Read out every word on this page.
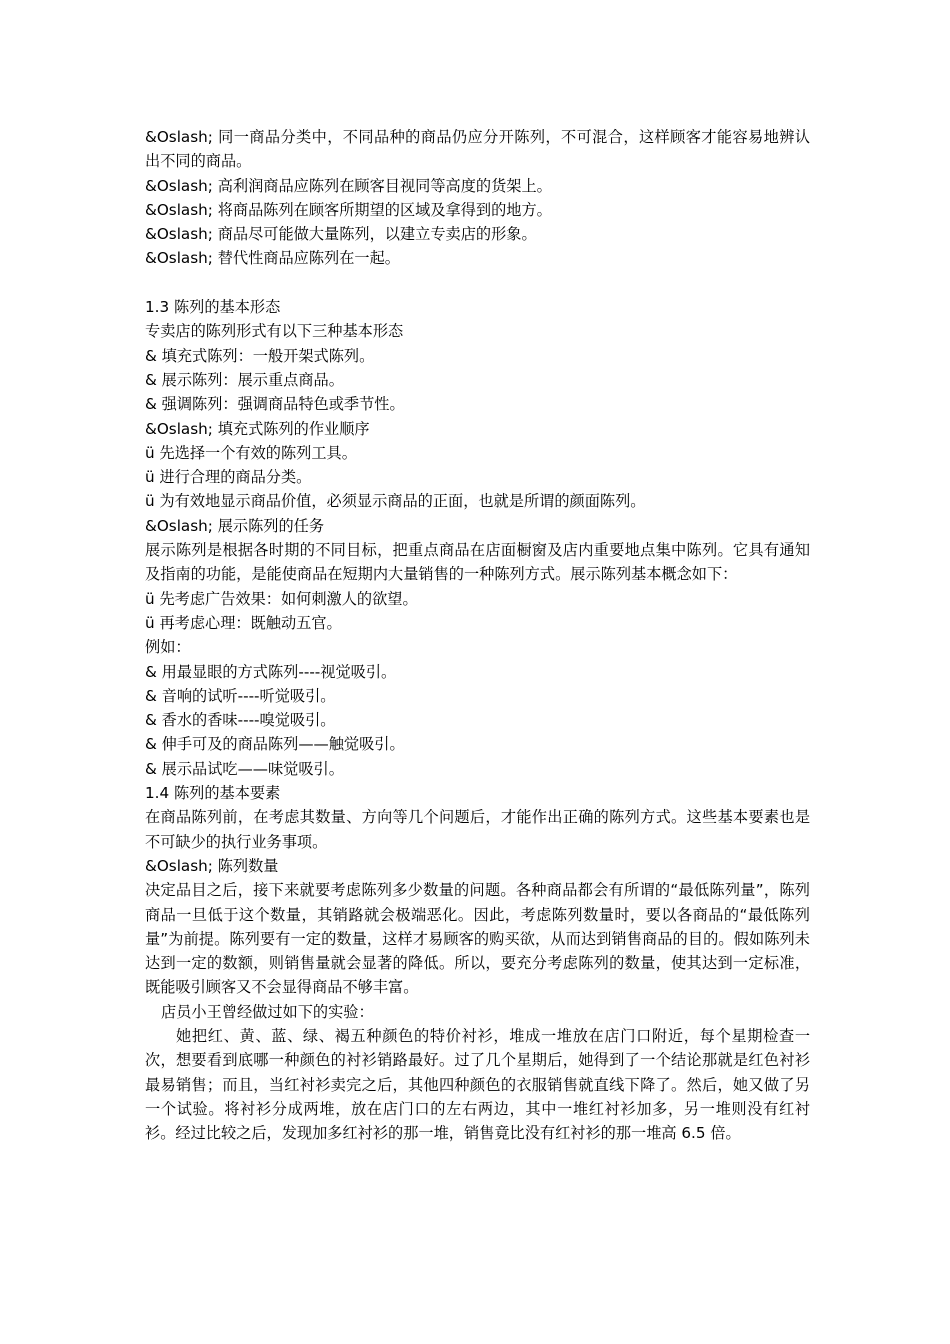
&Oslash; 同一商品分类中，不同品种的商品仍应分开陈列，不可混合，这样顾客才能容易地辨认出不同的商品。
&Oslash; 高利润商品应陈列在顾客目视同等高度的货架上。
&Oslash; 将商品陈列在顾客所期望的区域及拿得到的地方。
&Oslash; 商品尽可能做大量陈列，以建立专卖店的形象。
&Oslash; 替代性商品应陈列在一起。
1.3 陈列的基本形态
专卖店的陈列形式有以下三种基本形态
& 填充式陈列：一般开架式陈列。
& 展示陈列：展示重点商品。
& 强调陈列：强调商品特色或季节性。
&Oslash; 填充式陈列的作业顺序
ü 先选择一个有效的陈列工具。
ü 进行合理的商品分类。
ü 为有效地显示商品价值，必须显示商品的正面，也就是所谓的颜面陈列。
&Oslash; 展示陈列的任务
展示陈列是根据各时期的不同目标，把重点商品在店面橱窗及店内重要地点集中陈列。它具有通知及指南的功能，是能使商品在短期内大量销售的一种陈列方式。展示陈列基本概念如下：
ü 先考虑广告效果：如何刺激人的欲望。
ü 再考虑心理：既触动五官。
例如：
& 用最显眼的方式陈列----视觉吸引。
& 音响的试听----听觉吸引。
& 香水的香味----嗅觉吸引。
& 伸手可及的商品陈列——触觉吸引。
& 展示品试吃——味觉吸引。
1.4 陈列的基本要素
在商品陈列前，在考虑其数量、方向等几个问题后，才能作出正确的陈列方式。这些基本要素也是不可缺少的执行业务事项。
&Oslash; 陈列数量
决定品目之后，接下来就要考虑陈列多少数量的问题。各种商品都会有所谓的“最低陈列量”，陈列商品一旦低于这个数量，其销路就会极端恶化。因此，考虑陈列数量时，要以各商品的“最低陈列量”为前提。陈列要有一定的数量，这样才易顾客的购买欲，从而达到销售商品的目的。假如陈列未达到一定的数额，则销售量就会显著的降低。所以，要充分考虑陈列的数量，使其达到一定标准，既能吸引顾客又不会显得商品不够丰富。
店员小王曾经做过如下的实验：
她把红、黄、蓝、绿、褐五种颜色的特价衬衫，堆成一堆放在店门口附近，每个星期检查一次，想要看到底哪一种颜色的衬衫销路最好。过了几个星期后，她得到了一个结论那就是红色衬衫最易销售；而且，当红衬衫卖完之后，其他四种颜色的衣服销售就直线下降了。然后，她又做了另一个试验。将衬衫分成两堆，放在店门口的左右两边，其中一堆红衬衫加多，另一堆则没有红衬衫。经过比较之后，发现加多红衬衫的那一堆，销售竟比没有红衬衫的那一堆高 6.5 倍。
